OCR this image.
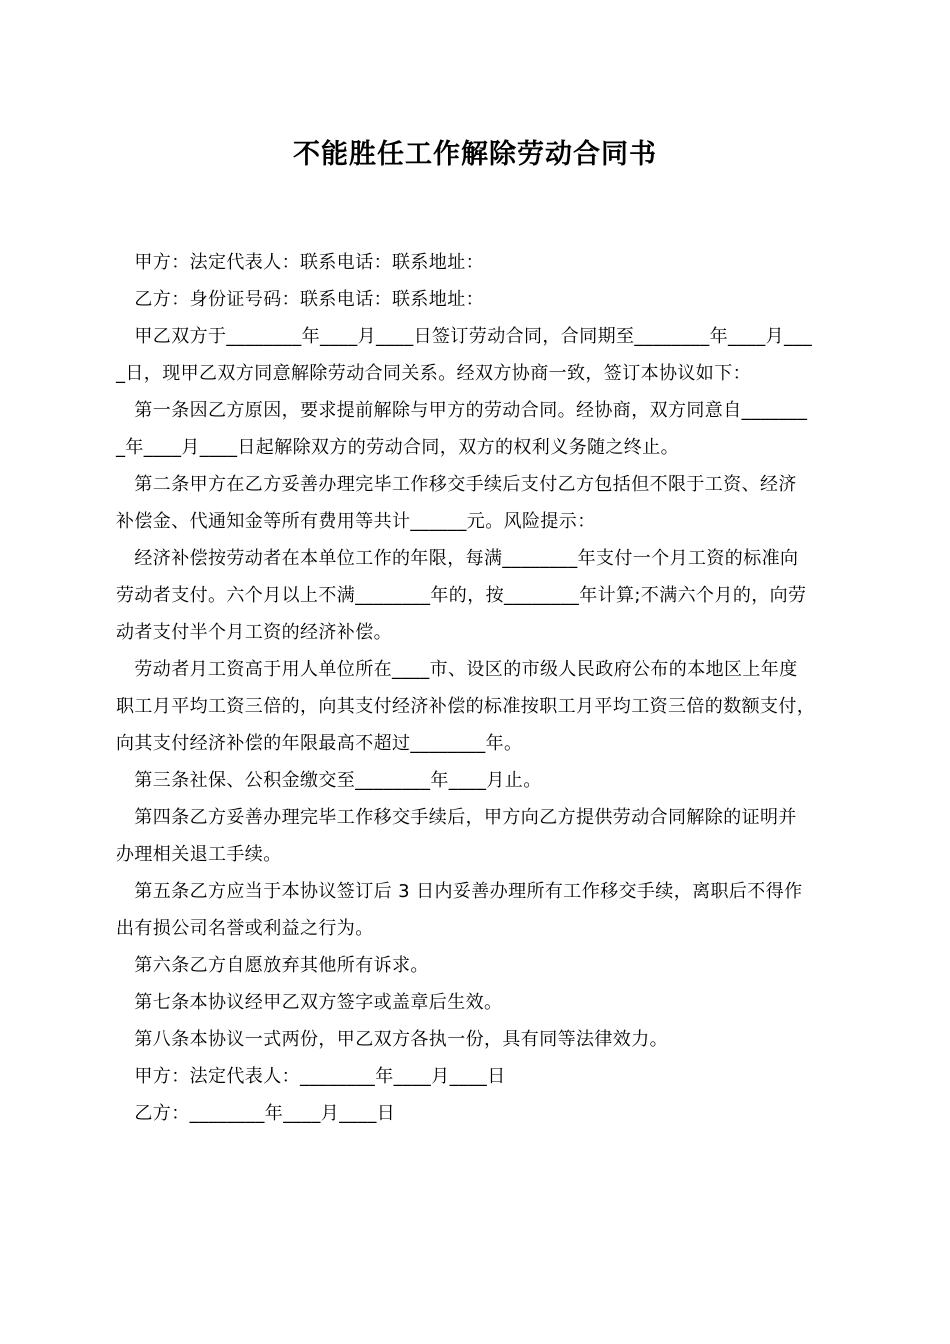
不能胜任工作解除劳动合同书
　甲方：法定代表人：联系电话：联系地址：
　乙方：身份证号码：联系电话：联系地址：
　甲乙双方于________年____月____日签订劳动合同，合同期至________年____月___
_日，现甲乙双方同意解除劳动合同关系。经双方协商一致，签订本协议如下：
　第一条因乙方原因，要求提前解除与甲方的劳动合同。经协商，双方同意自_______
_年____月____日起解除双方的劳动合同，双方的权利义务随之终止。
　第二条甲方在乙方妥善办理完毕工作移交手续后支付乙方包括但不限于工资、经济
补偿金、代通知金等所有费用等共计______元。风险提示：
　经济补偿按劳动者在本单位工作的年限，每满________年支付一个月工资的标准向
劳动者支付。六个月以上不满________年的，按________年计算;不满六个月的，向劳
动者支付半个月工资的经济补偿。
　劳动者月工资高于用人单位所在____市、设区的市级人民政府公布的本地区上年度
职工月平均工资三倍的，向其支付经济补偿的标准按职工月平均工资三倍的数额支付，
向其支付经济补偿的年限最高不超过________年。
　第三条社保、公积金缴交至________年____月止。
　第四条乙方妥善办理完毕工作移交手续后，甲方向乙方提供劳动合同解除的证明并
办理相关退工手续。
　第五条乙方应当于本协议签订后 3 日内妥善办理所有工作移交手续，离职后不得作
出有损公司名誉或利益之行为。
　第六条乙方自愿放弃其他所有诉求。
　第七条本协议经甲乙双方签字或盖章后生效。
　第八条本协议一式两份，甲乙双方各执一份，具有同等法律效力。
　甲方：法定代表人：________年____月____日
　乙方：________年____月____日
